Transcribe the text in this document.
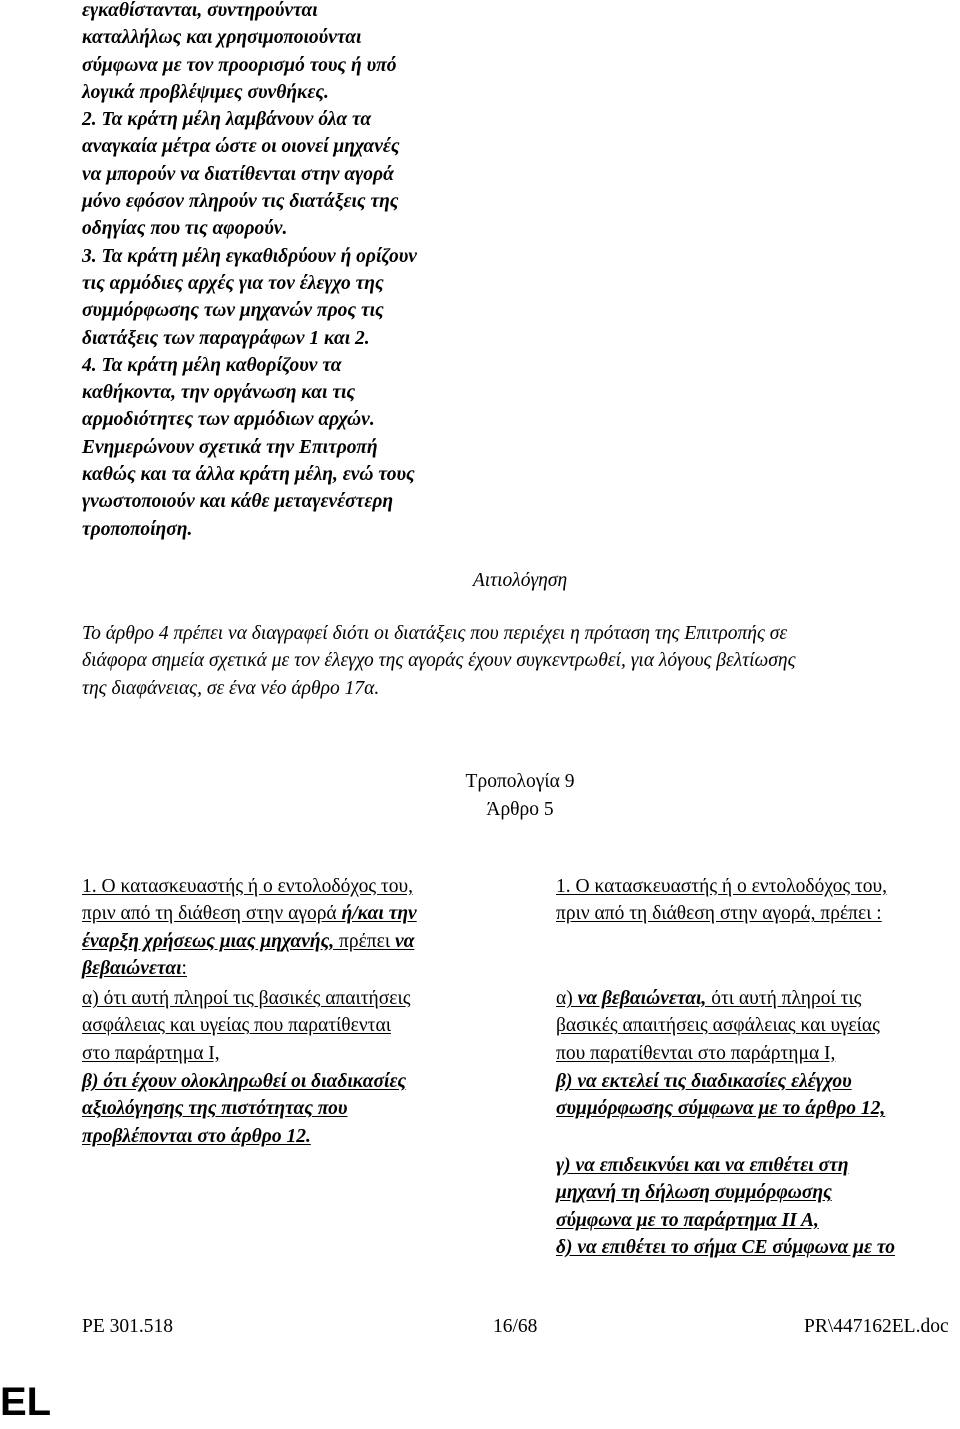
εγκαθίστανται, συντηρούνται
καταλλήλως και χρησιμοποιούνται
σύμφωνα με τον προορισμό τους ή υπό
λογικά προβλέψιμες συνθήκες.
2. Τα κράτη μέλη λαμβάνουν όλα τα
αναγκαία μέτρα ώστε οι οιονεί μηχανές
να μπορούν να διατίθενται στην αγορά
μόνο εφόσον πληρούν τις διατάξεις της
οδηγίας που τις αφορούν.
3. Τα κράτη μέλη εγκαθιδρύουν ή ορίζουν
τις αρμόδιες αρχές για τον έλεγχο της
συμμόρφωσης των μηχανών προς τις
διατάξεις των παραγράφων 1 και 2.
4. Τα κράτη μέλη καθορίζουν τα
καθήκοντα, την οργάνωση και τις
αρμοδιότητες των αρμόδιων αρχών.
Ενημερώνουν σχετικά την Επιτροπή
καθώς και τα άλλα κράτη μέλη, ενώ τους
γνωστοποιούν και κάθε μεταγενέστερη
τροποποίηση.
Αιτιολόγηση
Το άρθρο 4 πρέπει να διαγραφεί διότι οι διατάξεις που περιέχει η πρόταση της Επιτροπής σε
διάφορα σημεία σχετικά με τον έλεγχο της αγοράς έχουν συγκεντρωθεί, για λόγους βελτίωσης
της διαφάνειας, σε ένα νέο άρθρο 17α.
Τροπολογία 9
Άρθρο 5
1. Ο κατασκευαστής ή ο εντολοδόχος του,
πριν από τη διάθεση στην αγορά ή/και την
έναρξη χρήσεως μιας μηχανής, πρέπει να
βεβαιώνεται:
α) ότι αυτή πληροί τις βασικές απαιτήσεις
ασφάλειας και υγείας που παρατίθενται
στο παράρτημα Ι,
β) ότι έχουν ολοκληρωθεί οι διαδικασίες
αξιολόγησης της πιστότητας που
προβλέπονται στο άρθρο 12.
1. Ο κατασκευαστής ή ο εντολοδόχος του,
πριν από τη διάθεση στην αγορά, πρέπει :
α) να βεβαιώνεται, ότι αυτή πληροί τις
βασικές απαιτήσεις ασφάλειας και υγείας
που παρατίθενται στο παράρτημα Ι,
β) να εκτελεί τις διαδικασίες ελέγχου
συμμόρφωσης σύμφωνα με το άρθρο 12,
γ) να επιδεικνύει και να επιθέτει στη
μηχανή τη δήλωση συμμόρφωσης
σύμφωνα με το παράρτημα ΙΙ Α,
δ) να επιθέτει το σήμα CE σύμφωνα με το
PE 301.518	16/68	PR\447162EL.doc
EL
